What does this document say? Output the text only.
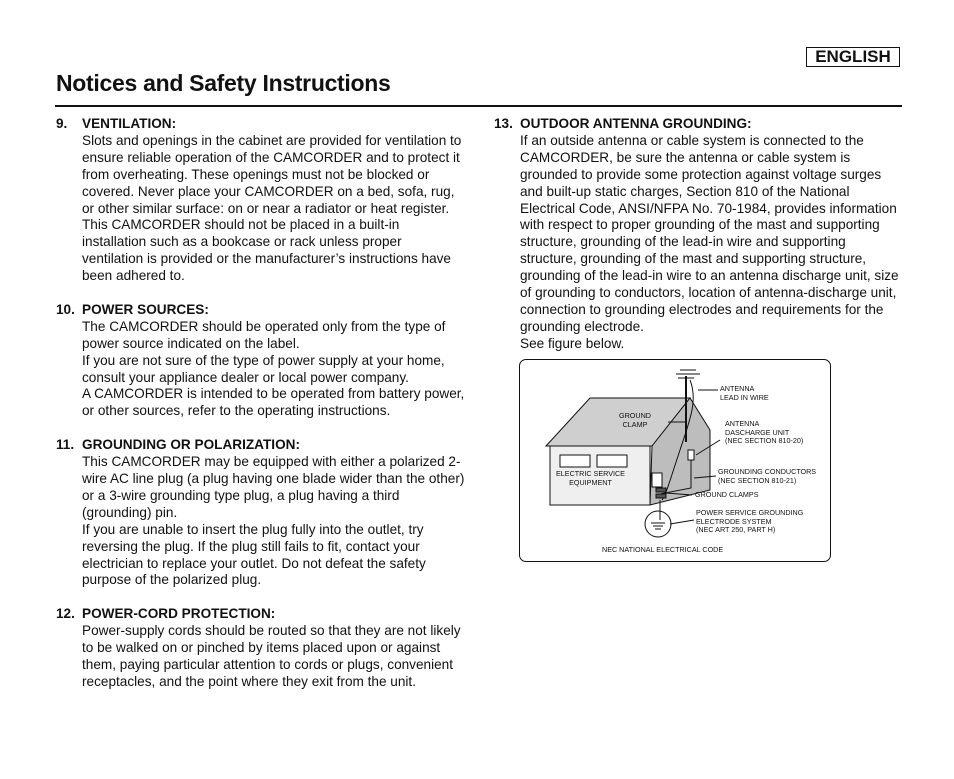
ENGLISH
Notices and Safety Instructions
9.	VENTILATION:

Slots and openings in the cabinet are provided for ventilation to ensure reliable operation of the CAMCORDER and to protect it from overheating. These openings must not be blocked or covered. Never place your CAMCORDER on a bed, sofa, rug, or other similar surface: on or near a radiator or heat register. This CAMCORDER should not be placed in a built-in installation such as a bookcase or rack unless proper ventilation is provided or the manufacturer’s instructions have been adhered to.

10. POWER SOURCES:

The CAMCORDER should be operated only from the type of power source indicated on the label.

If you are not sure of the type of power supply at your home, consult your appliance dealer or local power company.

A CAMCORDER is intended to be operated from battery power, or other sources, refer to the operating instructions.

11. GROUNDING OR POLARIZATION:

This CAMCORDER may be equipped with either a polarized 2-wire AC line plug (a plug having one blade wider than the other) or a 3-wire grounding type plug, a plug having a third (grounding) pin.

If you are unable to insert the plug fully into the outlet, try reversing the plug. If the plug still fails to fit, contact your electrician to replace your outlet. Do not defeat the safety purpose of the polarized plug.

12. POWER-CORD PROTECTION:

Power-supply cords should be routed so that they are not likely to be walked on or pinched by items placed upon or against them, paying particular attention to cords or plugs, convenient receptacles, and the point where they exit from the unit.

13. OUTDOOR ANTENNA GROUNDING:

If an outside antenna or cable system is connected to the CAMCORDER, be sure the antenna or cable system is grounded to provide some protection against voltage surges and built-up static charges, Section 810 of the National Electrical Code, ANSI/NFPA No. 70-1984, provides information with respect to proper grounding of the mast and supporting structure, grounding of the lead-in wire and supporting structure, grounding of the mast and supporting structure, grounding of the lead-in wire to an antenna discharge unit, size of grounding to conductors, location of antenna-discharge unit, connection to grounding electrodes and requirements for the grounding electrode.

See figure below.

ANTENNA
LEAD IN WIRE
GROUND
CLAMP	ANTENNA
DASCHARGE UNIT
(NEC SECTION 810-20)
ELECTRIC SERVICE
EQUIPMENT
GROUNDING CONDUCTORS
(NEC SECTION 810-21)
GROUND CLAMPS
POWER SERVICE GROUNDING
ELECTRODE SYSTEM
(NEC ART 250, PART H)
NEC NATIONAL ELECTRICAL CODE
